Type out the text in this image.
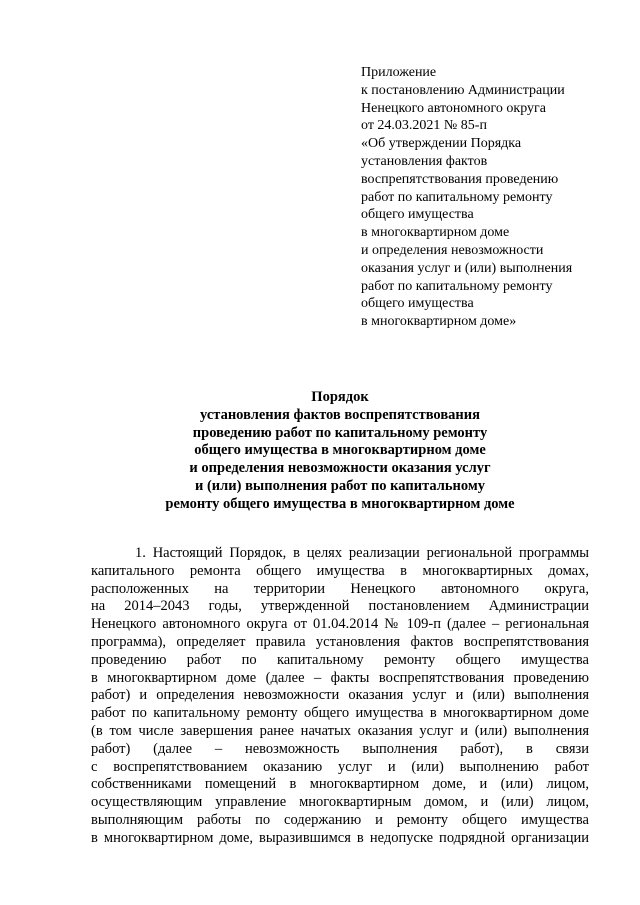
Приложение
к постановлению Администрации
Ненецкого автономного округа
от 24.03.2021 № 85-п
«Об утверждении Порядка
установления фактов
воспрепятствования проведению
работ по капитальному ремонту
общего имущества
в многоквартирном доме
и определения невозможности
оказания услуг и (или) выполнения
работ по капитальному ремонту
общего имущества
в многоквартирном доме»
Порядок
установления фактов воспрепятствования
проведению работ по капитальному ремонту
общего имущества в многоквартирном доме
и определения невозможности оказания услуг
и (или) выполнения работ по капитальному
ремонту общего имущества в многоквартирном доме
1. Настоящий Порядок, в целях реализации региональной программы
капитального ремонта общего имущества в многоквартирных домах,
расположенных на территории Ненецкого автономного округа,
на 2014–2043 годы, утвержденной постановлением Администрации
Ненецкого автономного округа от 01.04.2014 № 109-п (далее – региональная
программа), определяет правила установления фактов воспрепятствования
проведению работ по капитальному ремонту общего имущества
в многоквартирном доме (далее – факты воспрепятствования проведению
работ) и определения невозможности оказания услуг и (или) выполнения
работ по капитальному ремонту общего имущества в многоквартирном доме
(в том числе завершения ранее начатых оказания услуг и (или) выполнения
работ) (далее – невозможность выполнения работ), в связи
с воспрепятствованием оказанию услуг и (или) выполнению работ
собственниками помещений в многоквартирном доме, и (или) лицом,
осуществляющим управление многоквартирным домом, и (или) лицом,
выполняющим работы по содержанию и ремонту общего имущества
в многоквартирном доме, выразившимся в недопуске подрядной организации
